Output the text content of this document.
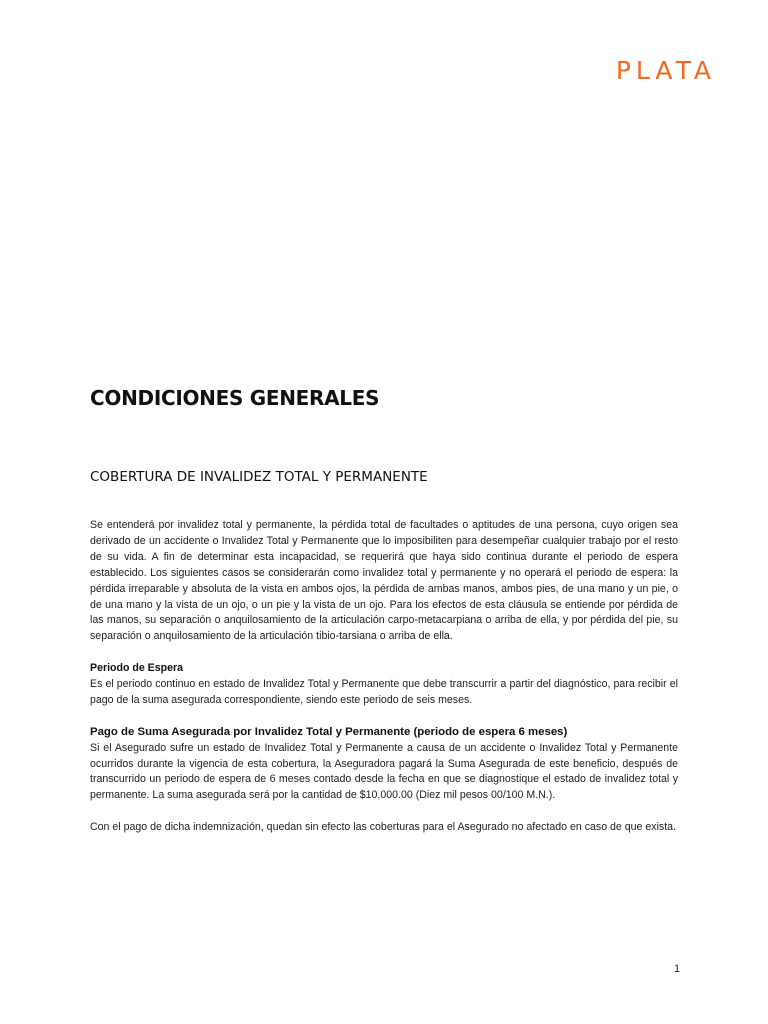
PLATA
CONDICIONES GENERALES
COBERTURA DE INVALIDEZ TOTAL Y PERMANENTE

Se entenderá por invalidez total y permanente, la pérdida total de facultades o aptitudes de una persona, cuyo origen sea derivado de un accidente o Invalidez Total y Permanente que lo imposibiliten para desempeñar cualquier trabajo por el resto de su vida. A fin de determinar esta incapacidad, se requerirá que haya sido continua durante el periodo de espera establecido. Los siguientes casos se considerarán como invalidez total y permanente y no operará el periodo de espera: la pérdida irreparable y absoluta de la vista en ambos ojos, la pérdida de ambas manos, ambos pies, de una mano y un pie, o de una mano y la vista de un ojo, o un pie y la vista de un ojo. Para los efectos de esta cláusula se entiende por pérdida de las manos, su separación o anquilosamiento de la articulación carpo-metacarpiana o arriba de ella, y por pérdida del pie, su separación o anquilosamiento de la articulación tibio-tarsiana o arriba de ella.

Periodo de Espera

Es el periodo continuo en estado de Invalidez Total y Permanente que debe transcurrir a partir del diagnóstico, para recibir el pago de la suma asegurada correspondiente, siendo este periodo de seis meses.

Pago de Suma Asegurada por Invalidez Total y Permanente (periodo de espera 6 meses)

Si el Asegurado sufre un estado de Invalidez Total y Permanente a causa de un accidente o Invalidez Total y Permanente ocurridos durante la vigencia de esta cobertura, la Aseguradora pagará la Suma Asegurada de este beneficio, después de transcurrido un periodo de espera de 6 meses contado desde la fecha en que se diagnostique el estado de invalidez total y permanente. La suma asegurada será por la cantidad de $10,000.00 (Diez mil pesos 00/100 M.N.).

Con el pago de dicha indemnización, quedan sin efecto las coberturas para el Asegurado no afectado en caso de que exista.

1
